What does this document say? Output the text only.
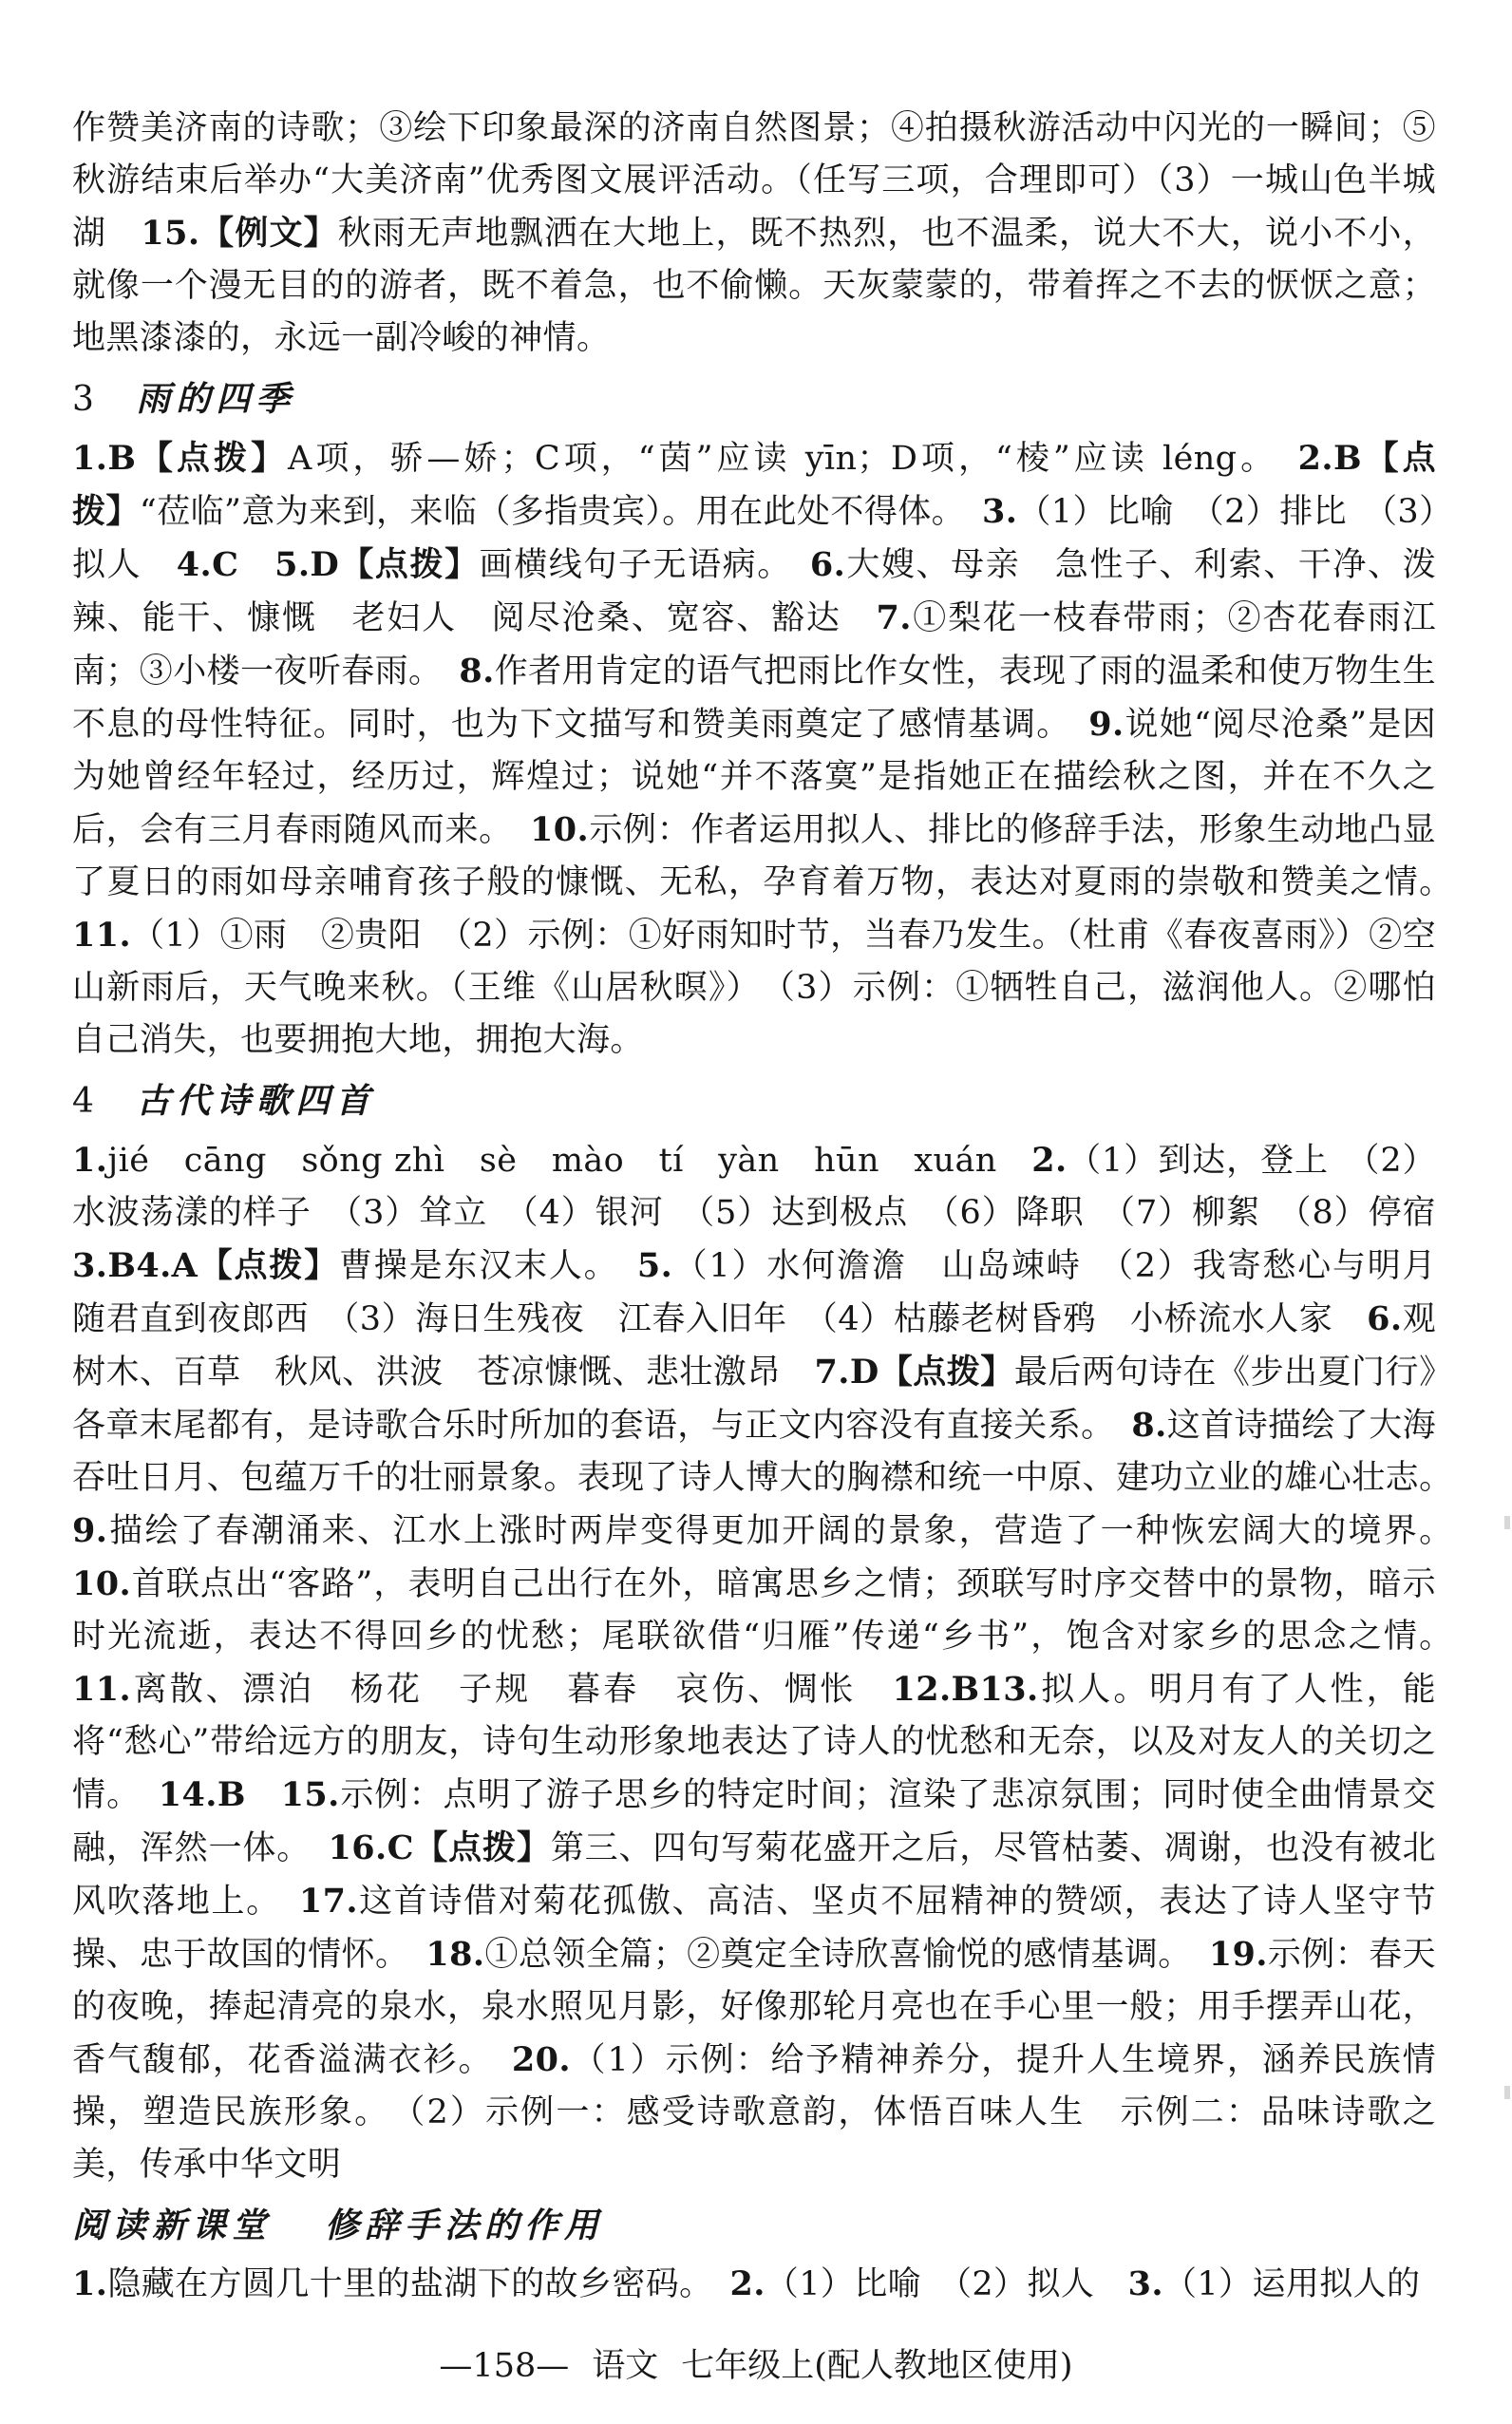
作赞美济南的诗歌；③绘下印象最深的济南自然图景；④拍摄秋游活动中闪光的一瞬间；⑤秋游结束后举办“大美济南”优秀图文展评活动。（任写三项，合理即可）（3）一城山色半城湖　15.【例文】秋雨无声地飘洒在大地上，既不热烈，也不温柔，说大不大，说小不小，就像一个漫无目的的游者，既不着急，也不偷懒。天灰蒙蒙的，带着挥之不去的恹恹之意；地黑漆漆的，永远一副冷峻的神情。

3 雨的四季

1.B【点拨】A项，骄—娇；C项，“茵”应读 yīn；D项，“棱”应读 léng。　2.B【点拨】“莅临”意为来到，来临（多指贵宾）。用在此处不得体。　3.（1）比喻　（2）排比　（3）拟人　4.C　 5.D【点拨】画横线句子无语病。　6.大嫂、母亲　急性子、利索、干净、泼辣、能干、慷慨　老妇人　阅尽沧桑、宽容、豁达　7.①梨花一枝春带雨；②杏花春雨江南；③小楼一夜听春雨。　8.作者用肯定的语气把雨比作女性，表现了雨的温柔和使万物生生不息的母性特征。同时，也为下文描写和赞美雨奠定了感情基调。　9.说她“阅尽沧桑”是因为她曾经年轻过，经历过，辉煌过；说她“并不落寞”是指她正在描绘秋之图，并在不久之后，会有三月春雨随风而来。　10.示例：作者运用拟人、排比的修辞手法，形象生动地凸显了夏日的雨如母亲哺育孩子般的慷慨、无私，孕育着万物，表达对夏雨的崇敬和赞美之情。　11.（1）①雨　②贵阳　（2）示例：①好雨知时节，当春乃发生。（杜甫《春夜喜雨》）②空山新雨后，天气晚来秋。（王维《山居秋暝》）　（3）示例：①牺牲自己，滋润他人。②哪怕自己消失，也要拥抱大地，拥抱大海。

4 古代诗歌四首

1.jié　cāng　sǒng zhì　sè　mào　tí　yàn　hūn　xuán　2.（1）到达，登上　（2）水波荡漾的样子　（3）耸立　（4）银河　（5）达到极点　（6）降职　（7）柳絮　（8）停宿　3.B4.A【点拨】曹操是东汉末人。　5.（1）水何澹澹　山岛竦峙　（2）我寄愁心与明月　随君直到夜郎西　（3）海日生残夜　江春入旧年　（4）枯藤老树昏鸦　小桥流水人家　6.观　树木、百草　秋风、洪波　苍凉慷慨、悲壮激昂　7.D【点拨】最后两句诗在《步出夏门行》各章末尾都有，是诗歌合乐时所加的套语，与正文内容没有直接关系。　8.这首诗描绘了大海吞吐日月、包蕴万千的壮丽景象。表现了诗人博大的胸襟和统一中原、建功立业的雄心壮志。　9.描绘了春潮涌来、江水上涨时两岸变得更加开阔的景象，营造了一种恢宏阔大的境界。　10.首联点出“客路”，表明自己出行在外，暗寓思乡之情；颈联写时序交替中的景物，暗示时光流逝，表达不得回乡的忧愁；尾联欲借“归雁”传递“乡书”，饱含对家乡的思念之情。　11.离散、漂泊　杨花　子规　暮春　哀伤、惆怅　12.B13.拟人。明月有了人性，能将“愁心”带给远方的朋友，诗句生动形象地表达了诗人的忧愁和无奈，以及对友人的关切之情。　14.B　 15.示例：点明了游子思乡的特定时间；渲染了悲凉氛围；同时使全曲情景交融，浑然一体。　16.C【点拨】第三、四句写菊花盛开之后，尽管枯萎、凋谢，也没有被北风吹落地上。　17.这首诗借对菊花孤傲、高洁、坚贞不屈精神的赞颂，表达了诗人坚守节操、忠于故国的情怀。　18.①总领全篇；②奠定全诗欣喜愉悦的感情基调。　19.示例：春天的夜晚，捧起清亮的泉水，泉水照见月影，好像那轮月亮也在手心里一般；用手摆弄山花，香气馥郁，花香溢满衣衫。　20.（1）示例：给予精神养分，提升人生境界，涵养民族情操，塑造民族形象。　（2）示例一：感受诗歌意韵，体悟百味人生　示例二：品味诗歌之美，传承中华文明

阅读新课堂 修辞手法的作用

1.隐藏在方圆几十里的盐湖下的故乡密码。　2.（1）比喻　（2）拟人　3.（1）运用拟人的

—158— 语文 七年级上(配人教地区使用)
